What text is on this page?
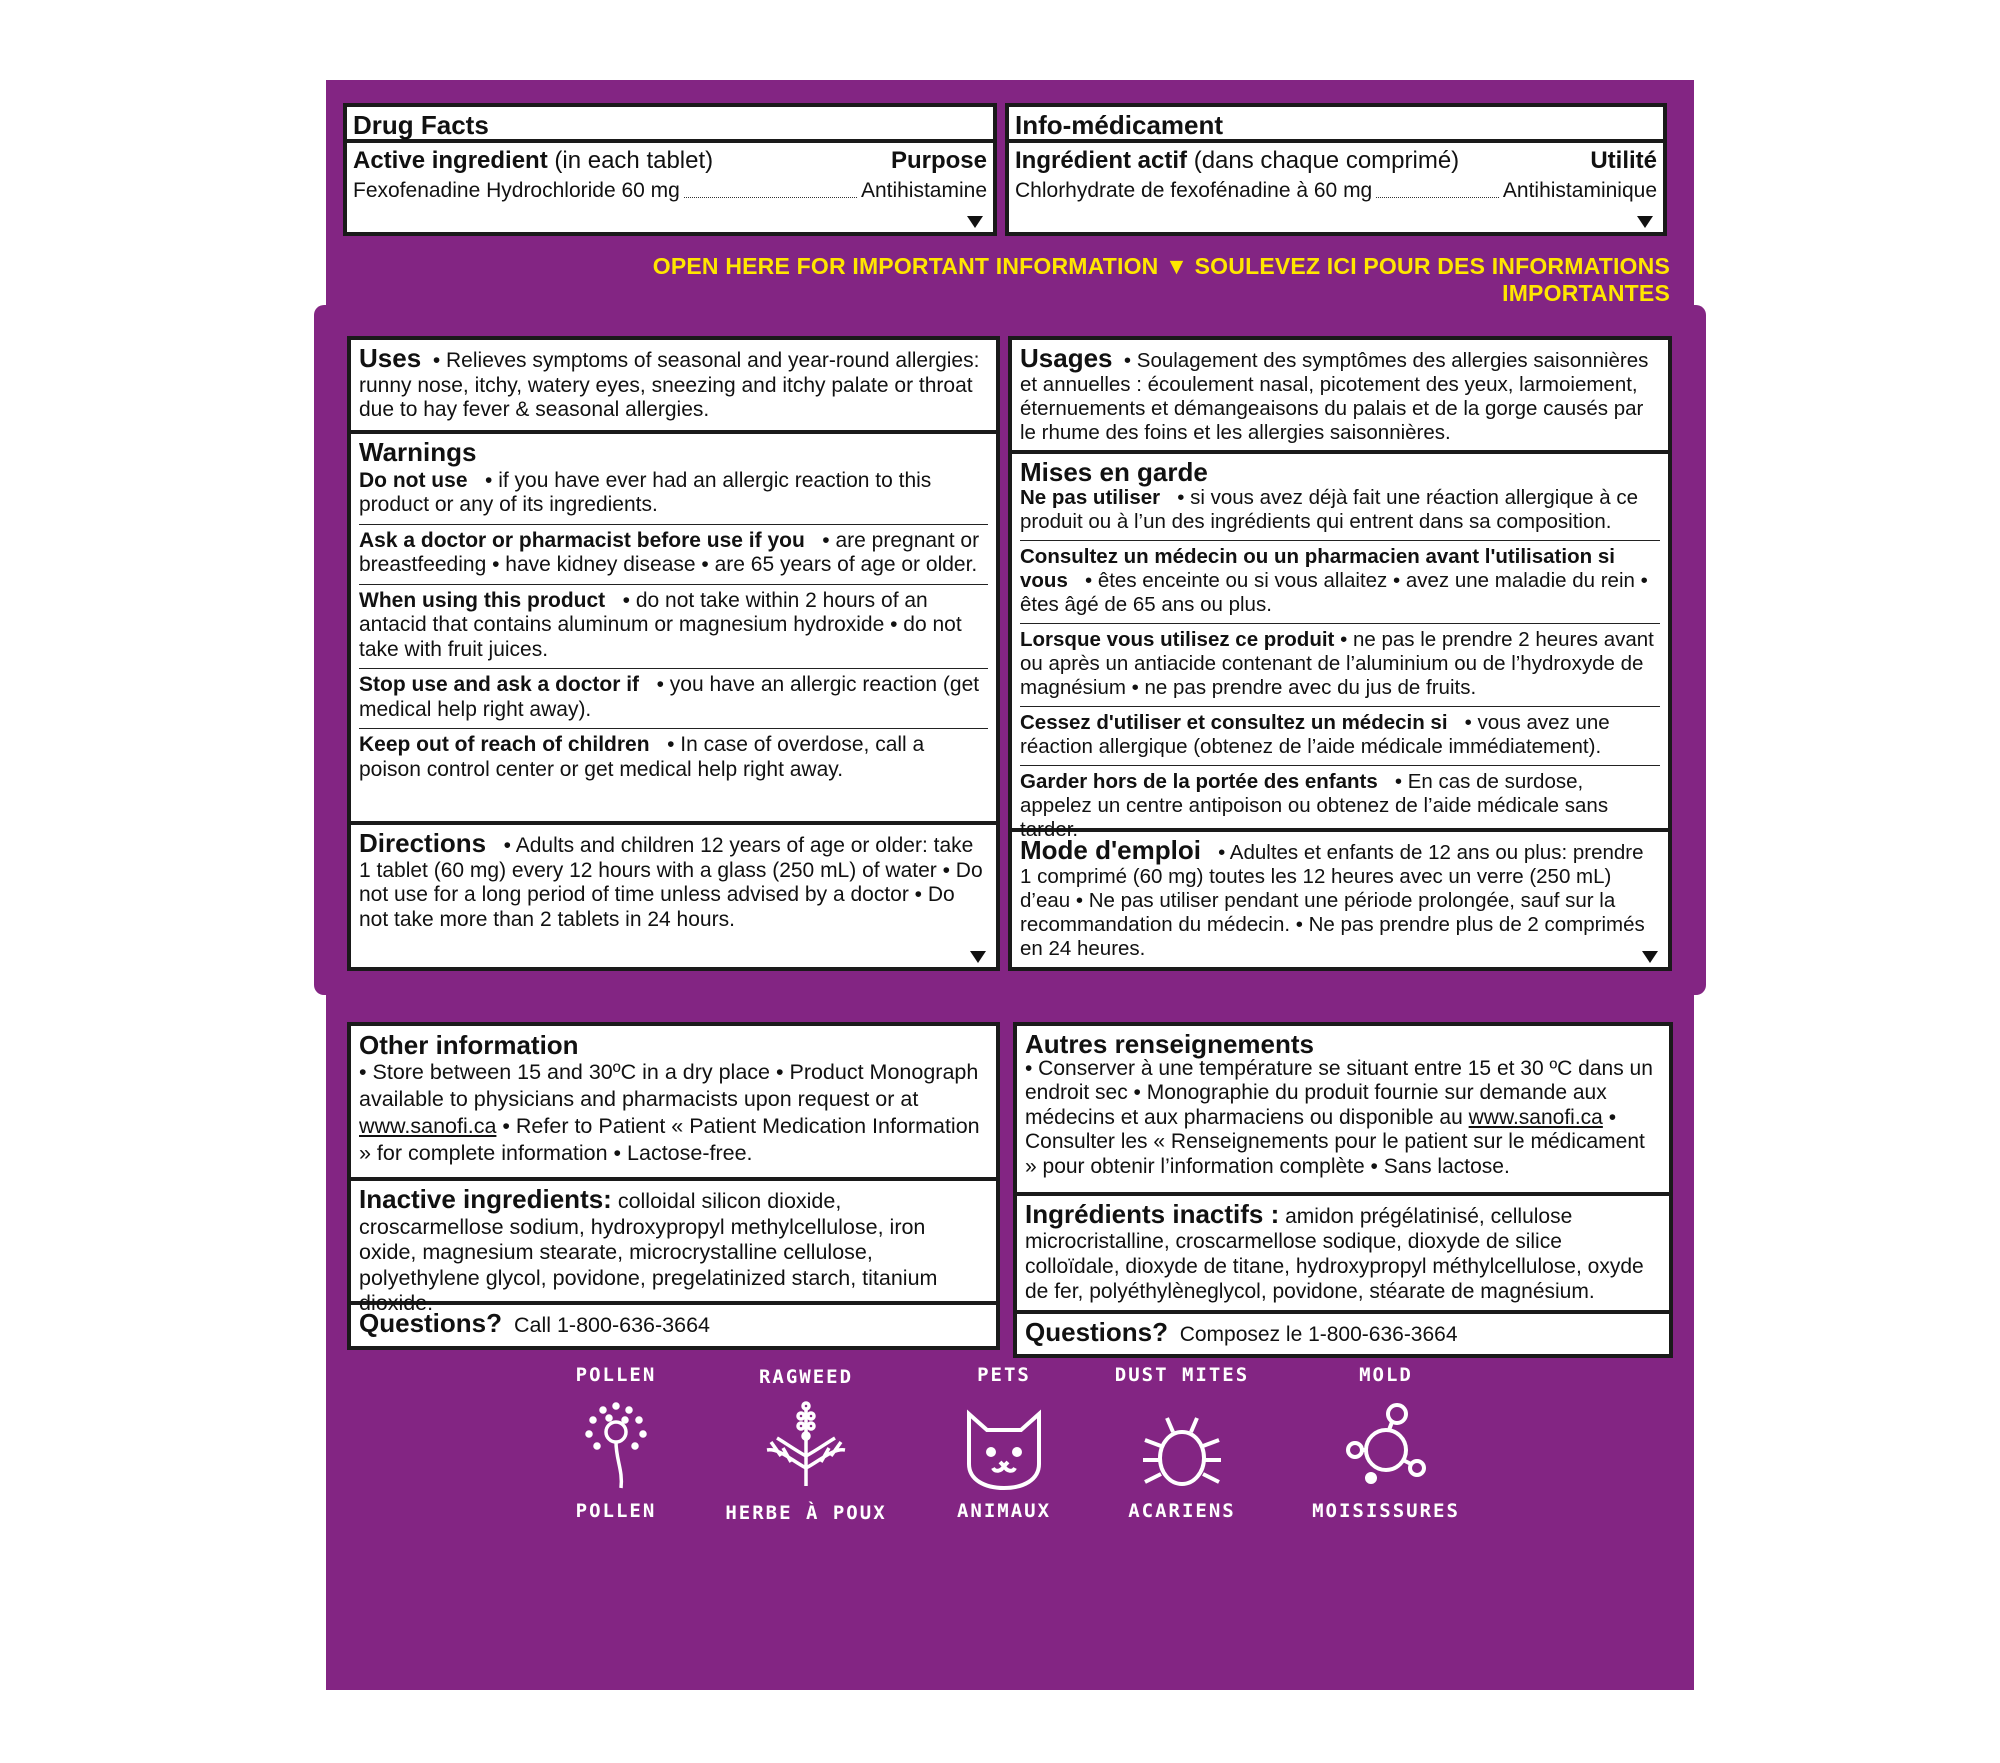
Drug Facts
Active ingredient (in each tablet)	Purpose
Fexofenadine Hydrochloride 60 mg	Antihistamine
Info-médicament
Ingrédient actif (dans chaque comprimé)	Utilité
Chlorhydrate de fexofénadine à 60 mg	Antihistaminique
OPEN HERE FOR IMPORTANT INFORMATION ▼ SOULEVEZ ICI POUR DES INFORMATIONS IMPORTANTES
Uses • Relieves symptoms of seasonal and year-round allergies: runny nose, itchy, watery eyes, sneezing and itchy palate or throat due to hay fever & seasonal allergies.
Warnings
Do not use • if you have ever had an allergic reaction to this product or any of its ingredients.
Ask a doctor or pharmacist before use if you • are pregnant or breastfeeding • have kidney disease • are 65 years of age or older.
When using this product • do not take within 2 hours of an antacid that contains aluminum or magnesium hydroxide • do not take with fruit juices.
Stop use and ask a doctor if • you have an allergic reaction (get medical help right away).
Keep out of reach of children • In case of overdose, call a poison control center or get medical help right away.
Directions • Adults and children 12 years of age or older: take 1 tablet (60 mg) every 12 hours with a glass (250 mL) of water • Do not use for a long period of time unless advised by a doctor • Do not take more than 2 tablets in 24 hours.
Usages • Soulagement des symptômes des allergies saisonnières et annuelles : écoulement nasal, picotement des yeux, larmoiement, éternuements et démangeaisons du palais et de la gorge causés par le rhume des foins et les allergies saisonnières.
Mises en garde
Ne pas utiliser • si vous avez déjà fait une réaction allergique à ce produit ou à l’un des ingrédients qui entrent dans sa composition.
Consultez un médecin ou un pharmacien avant l'utilisation si vous • êtes enceinte ou si vous allaitez • avez une maladie du rein • êtes âgé de 65 ans ou plus.
Lorsque vous utilisez ce produit • ne pas le prendre 2 heures avant ou après un antiacide contenant de l’aluminium ou de l’hydroxyde de magnésium • ne pas prendre avec du jus de fruits.
Cessez d'utiliser et consultez un médecin si • vous avez une réaction allergique (obtenez de l’aide médicale immédiatement).
Garder hors de la portée des enfants • En cas de surdose, appelez un centre antipoison ou obtenez de l’aide médicale sans tarder.
Mode d'emploi • Adultes et enfants de 12 ans ou plus: prendre 1 comprimé (60 mg) toutes les 12 heures avec un verre (250 mL) d’eau • Ne pas utiliser pendant une période prolongée, sauf sur la recommandation du médecin. • Ne pas prendre plus de 2 comprimés en 24 heures.
Other information
• Store between 15 and 30ºC in a dry place • Product Monograph available to physicians and pharmacists upon request or at www.sanofi.ca • Refer to Patient « Patient Medication Information » for complete information • Lactose-free.
Inactive ingredients: colloidal silicon dioxide, croscarmellose sodium, hydroxypropyl methylcellulose, iron oxide, magnesium stearate, microcrystalline cellulose, polyethylene glycol, povidone, pregelatinized starch, titanium dioxide.
Questions? Call 1-800-636-3664
Autres renseignements
• Conserver à une température se situant entre 15 et 30 ºC dans un endroit sec • Monographie du produit fournie sur demande aux médecins et aux pharmaciens ou disponible au www.sanofi.ca • Consulter les « Renseignements pour le patient sur le médicament » pour obtenir l’information complète • Sans lactose.
Ingrédients inactifs : amidon prégélatinisé, cellulose microcristalline, croscarmellose sodique, dioxyde de silice colloïdale, dioxyde de titane, hydroxypropyl méthylcellulose, oxyde de fer, polyéthylèneglycol, povidone, stéarate de magnésium.
Questions? Composez le 1-800-636-3664
POLLEN
POLLEN
RAGWEED
HERBE À POUX
PETS
ANIMAUX
DUST MITES
ACARIENS
MOLD
MOISISSURES
